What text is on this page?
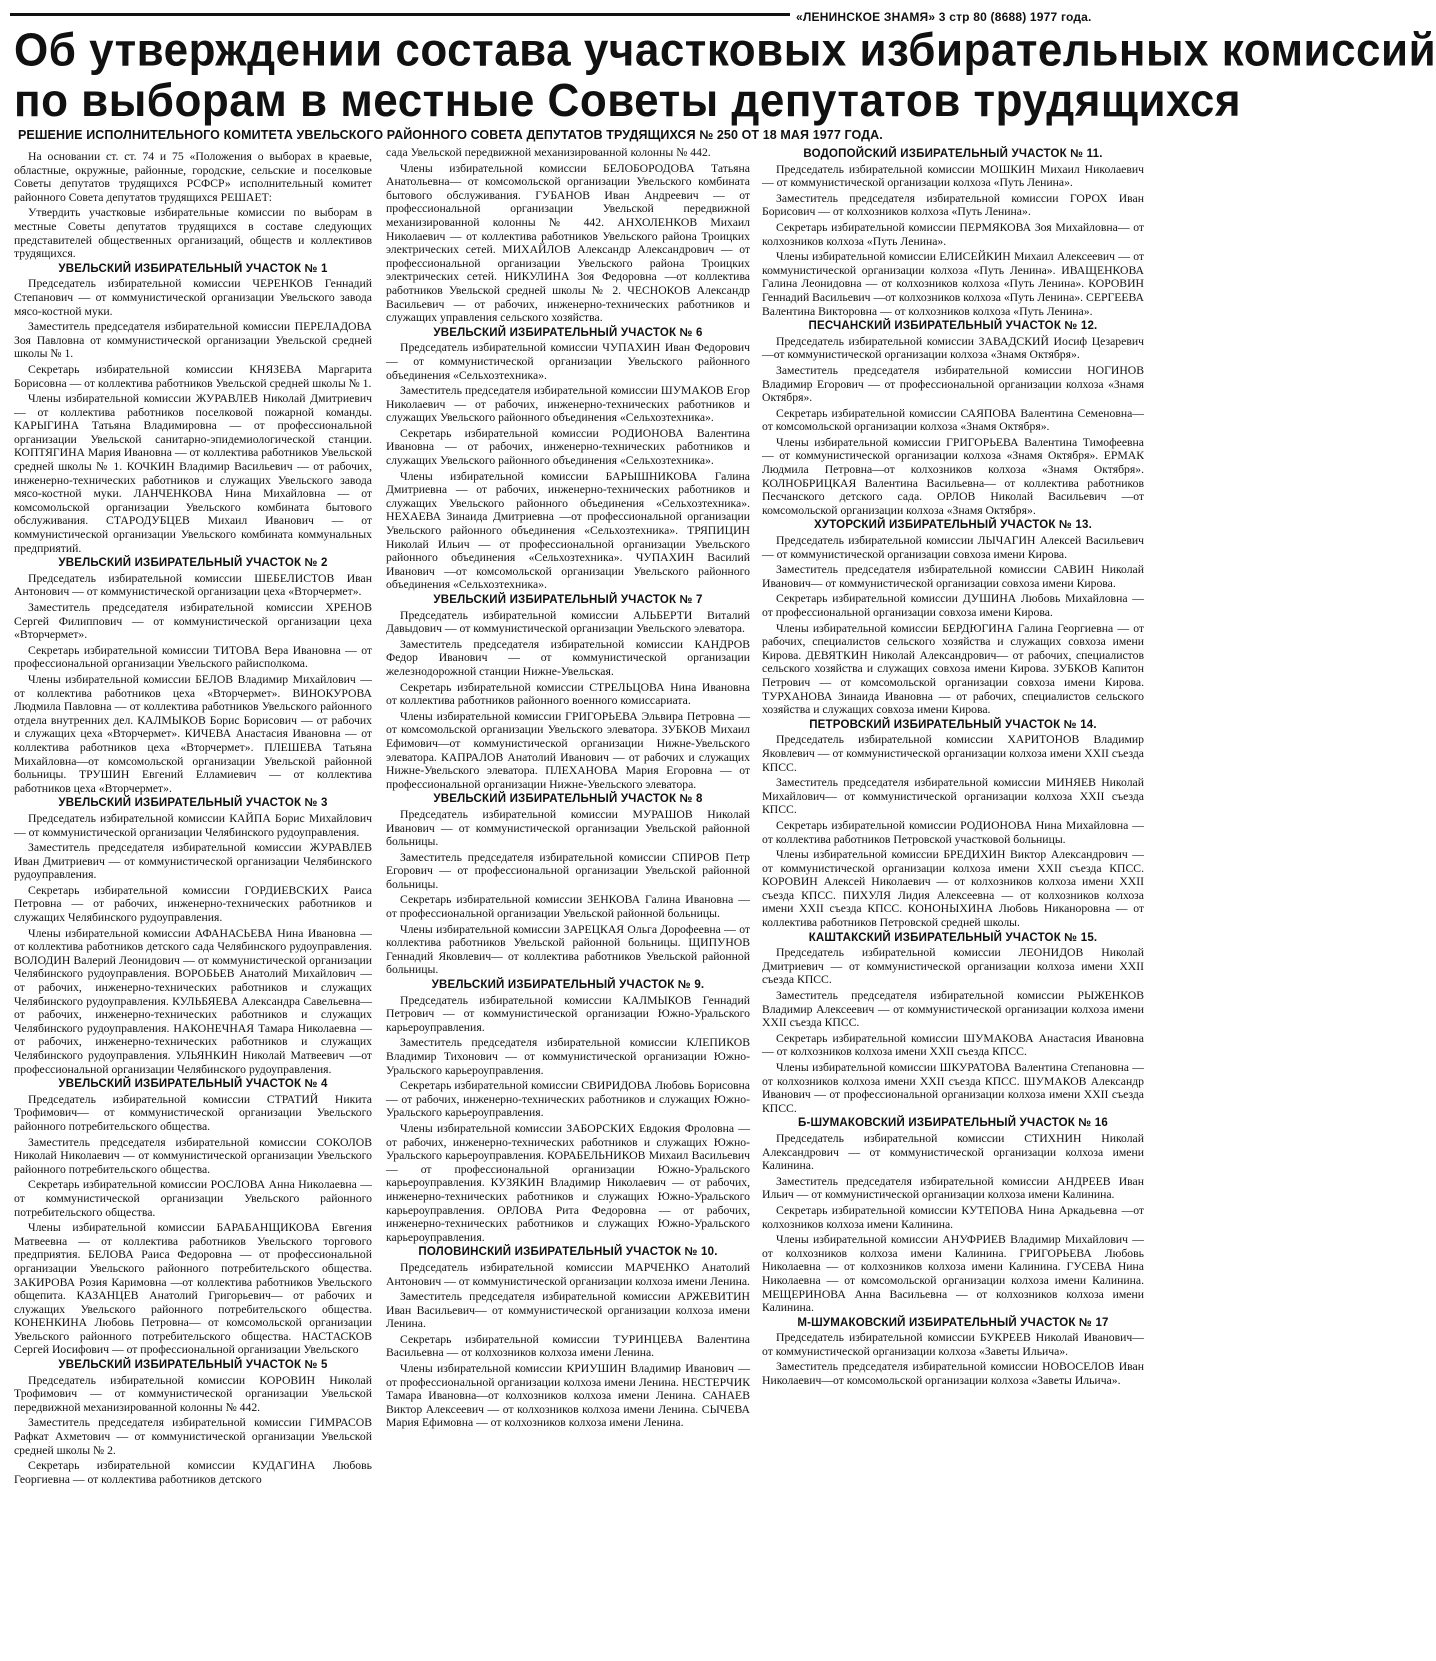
«ЛЕНИНСКОЕ ЗНАМЯ» 3 стр 80 (8688) 1977 года.
Об утверждении состава участковых избирательных комиссий
по выборам в местные Советы депутатов трудящихся
РЕШЕНИЕ ИСПОЛНИТЕЛЬНОГО КОМИТЕТА УВЕЛЬСКОГО РАЙОННОГО СОВЕТА ДЕПУТАТОВ ТРУДЯЩИХСЯ № 250 ОТ 18 МАЯ 1977 ГОДА.

На основании ст. ст. 74 и 75 «Положения о выборах в краевые, областные, окружные, районные, городские, сельские и поселковые Советы депутатов трудящихся РСФСР» исполнительный комитет районного Совета депутатов трудящихся РЕШАЕТ:

Утвердить участковые избирательные комиссии по выборам в местные Советы депутатов трудящихся в составе следующих представителей общественных организаций, обществ и коллективов трудящихся.

УВЕЛЬСКИЙ ИЗБИРАТЕЛЬНЫЙ УЧАСТОК № 1

Председатель избирательной комиссии ЧЕРЕНКОВ Геннадий Степанович — от коммунистической организации Увельского завода мясо-костной муки.

Заместитель председателя избирательной комиссии ПЕРЕЛАДОВА Зоя Павловна от коммунистической организации Увельской средней школы № 1.

Секретарь избирательной комиссии КНЯЗЕВА Маргарита Борисовна — от коллектива работников Увельской средней школы № 1.

Члены избирательной комиссии ЖУРАВЛЕВ Николай Дмитриевич — от коллектива работников поселковой пожарной команды. КАРЫГИНА Татьяна Владимировна — от профессиональной организации Увельской санитарно-эпидемиологической станции. КОПТЯГИНА Мария Ивановна — от коллектива работников Увельской средней школы № 1. КОЧКИН Владимир Васильевич — от рабочих, инженерно-технических работников и служащих Увельского завода мясо-костной муки. ЛАНЧЕНКОВА Нина Михайловна — от комсомольской организации Увельского комбината бытового обслуживания. СТАРОДУБЦЕВ Михаил Иванович — от коммунистической организации Увельского комбината коммунальных предприятий.

УВЕЛЬСКИЙ ИЗБИРАТЕЛЬНЫЙ УЧАСТОК № 2

Председатель избирательной комиссии ШЕБЕЛИСТОВ Иван Антонович — от коммунистической организации цеха «Вторчермет».

Заместитель председателя избирательной комиссии ХРЕНОВ Сергей Филиппович — от коммунистической организации цеха «Вторчермет».

Секретарь избирательной комиссии ТИТОВА Вера Ивановна — от профессиональной организации Увельского райисполкома.

Члены избирательной комиссии БЕЛОВ Владимир Михайлович — от коллектива работников цеха «Вторчермет». ВИНОКУРОВА Людмила Павловна — от коллектива работников Увельского районного отдела внутренних дел. КАЛМЫКОВ Борис Борисович — от рабочих и служащих цеха «Вторчермет». КИЧЕВА Анастасия Ивановна — от коллектива работников цеха «Вторчермет». ПЛЕШЕВА Татьяна Михайловна—от комсомольской организации Увельской районной больницы. ТРУШИН Евгений Елламиевич — от коллектива работников цеха «Вторчермет».

УВЕЛЬСКИЙ ИЗБИРАТЕЛЬНЫЙ УЧАСТОК № 3

Председатель избирательной комиссии КАЙПА Борис Михайлович — от коммунистической организации Челябинского рудоуправления.

Заместитель председателя избирательной комиссии ЖУРАВЛЕВ Иван Дмитриевич — от коммунистической организации Челябинского рудоуправления.

Секретарь избирательной комиссии ГОРДИЕВСКИХ Раиса Петровна — от рабочих, инженерно-технических работников и служащих Челябинского рудоуправления.

Члены избирательной комиссии АФАНАСЬЕВА Нина Ивановна — от коллектива работников детского сада Челябинского рудоуправления. ВОЛОДИН Валерий Леонидович — от коммунистической организации Челябинского рудоуправления. ВОРОБЬЕВ Анатолий Михайлович — от рабочих, инженерно-технических работников и служащих Челябинского рудоуправления. КУЛЬБЯЕВА Александра Савельевна—от рабочих, инженерно-технических работников и служащих Челябинского рудоуправления. НАКОНЕЧНАЯ Тамара Николаевна — от рабочих, инженерно-технических работников и служащих Челябинского рудоуправления. УЛЬЯНКИН Николай Матвеевич —от профессиональной организации Челябинского рудоуправления.

УВЕЛЬСКИЙ ИЗБИРАТЕЛЬНЫЙ УЧАСТОК № 4

Председатель избирательной комиссии СТРАТИЙ Никита Трофимович— от коммунистической организации Увельского районного потребительского общества.

Заместитель председателя избирательной комиссии СОКОЛОВ Николай Николаевич — от коммунистической организации Увельского районного потребительского общества.

Секретарь избирательной комиссии РОСЛОВА Анна Николаевна — от коммунистической организации Увельского районного потребительского общества.

Члены избирательной комиссии БАРАБАНЩИКОВА Евгения Матвеевна — от коллектива работников Увельского торгового предприятия. БЕЛОВА Раиса Федоровна — от профессиональной организации Увельского районного потребительского общества. ЗАКИРОВА Розия Каримовна —от коллектива работников Увельского общепита. КАЗАНЦЕВ Анатолий Григорьевич— от рабочих и служащих Увельского районного потребительского общества. КОНЕНКИНА Любовь Петровна— от комсомольской организации Увельского районного потребительского общества. НАСТАСКОВ Сергей Иосифович — от профессиональной организации Увельского

УВЕЛЬСКИЙ ИЗБИРАТЕЛЬНЫЙ УЧАСТОК № 5

Председатель избирательной комиссии КОРОВИН Николай Трофимович — от коммунистической организации Увельской передвижной механизированной колонны № 442.

Заместитель председателя избирательной комиссии ГИМРАСОВ Рафкат Ахметович — от коммунистической организации Увельской средней школы № 2.

Секретарь избирательной комиссии КУДАГИНА Любовь Георгиевна — от коллектива работников детского

сада Увельской передвижной механизированной колонны № 442.

Члены избирательной комиссии БЕЛОБОРОДОВА Татьяна Анатольевна— от комсомольской организации Увельского комбината бытового обслуживания. ГУБАНОВ Иван Андреевич — от профессиональной организации Увельской передвижной механизированной колонны № 442. АНХОЛЕНКОВ Михаил Николаевич — от коллектива работников Увельского района Троицких электрических сетей. МИХАЙЛОВ Александр Александрович — от профессиональной организации Увельского района Троицких электрических сетей. НИКУЛИНА Зоя Федоровна —от коллектива работников Увельской средней школы № 2. ЧЕСНОКОВ Александр Васильевич — от рабочих, инженерно-технических работников и служащих управления сельского хозяйства.

УВЕЛЬСКИЙ ИЗБИРАТЕЛЬНЫЙ УЧАСТОК № 6

Председатель избирательной комиссии ЧУПАХИН Иван Федорович — от коммунистической организации Увельского районного объединения «Сельхозтехника».

Заместитель председателя избирательной комиссии ШУМАКОВ Егор Николаевич — от рабочих, инженерно-технических работников и служащих Увельского районного объединения «Сельхозтехника».

Секретарь избирательной комиссии РОДИОНОВА Валентина Ивановна — от рабочих, инженерно-технических работников и служащих Увельского районного объединения «Сельхозтехника».

Члены избирательной комиссии БАРЫШНИКОВА Галина Дмитриевна — от рабочих, инженерно-технических работников и служащих Увельского районного объединения «Сельхозтехника». НЕХАЕВА Зинаида Дмитриевна —от профессиональной организации Увельского районного объединения «Сельхозтехника». ТРЯПИЦИН Николай Ильич — от профессиональной организации Увельского районного объединения «Сельхозтехника». ЧУПАХИН Василий Иванович —от комсомольской организации Увельского районного объединения «Сельхозтехника».

УВЕЛЬСКИЙ ИЗБИРАТЕЛЬНЫЙ УЧАСТОК № 7

Председатель избирательной комиссии АЛЬБЕРТИ Виталий Давыдович — от коммунистической организации Увельского элеватора.

Заместитель председателя избирательной комиссии КАНДРОВ Федор Иванович — от коммунистической организации железнодорожной станции Нижне-Увельская.

Секретарь избирательной комиссии СТРЕЛЬЦОВА Нина Ивановна от коллектива работников районного военного комиссариата.

Члены избирательной комиссии ГРИГОРЬЕВА Эльвира Петровна — от комсомольской организации Увельского элеватора. ЗУБКОВ Михаил Ефимович—от коммунистической организации Нижне-Увельского элеватора. КАПРАЛОВ Анатолий Иванович — от рабочих и служащих Нижне-Увельского элеватора. ПЛЕХАНОВА Мария Егоровна — от профессиональной организации Нижне-Увельского элеватора.

УВЕЛЬСКИЙ ИЗБИРАТЕЛЬНЫЙ УЧАСТОК № 8

Председатель избирательной комиссии МУРАШОВ Николай Иванович — от коммунистической организации Увельской районной больницы.

Заместитель председателя избирательной комиссии СПИРОВ Петр Егорович — от профессиональной организации Увельской районной больницы.

Секретарь избирательной комиссии ЗЕНКОВА Галина Ивановна — от профессиональной организации Увельской районной больницы.

Члены избирательной комиссии ЗАРЕЦКАЯ Ольга Дорофеевна — от коллектива работников Увельской районной больницы. ЩИПУНОВ Геннадий Яковлевич— от коллектива работников Увельской районной больницы.

УВЕЛЬСКИЙ ИЗБИРАТЕЛЬНЫЙ УЧАСТОК № 9.

Председатель избирательной комиссии КАЛМЫКОВ Геннадий Петрович — от коммунистической организации Южно-Уральского карьероуправления.

Заместитель председателя избирательной комиссии КЛЕПИКОВ Владимир Тихонович — от коммунистической организации Южно-Уральского карьероуправления.

Секретарь избирательной комиссии СВИРИДОВА Любовь Борисовна — от рабочих, инженерно-технических работников и служащих Южно-Уральского карьероуправления.

Члены избирательной комиссии ЗАБОРСКИХ Евдокия Фроловна — от рабочих, инженерно-технических работников и служащих Южно-Уральского карьероуправления. КОРАБЕЛЬНИКОВ Михаил Васильевич — от профессиональной организации Южно-Уральского карьероуправления. КУЗЯКИН Владимир Николаевич — от рабочих, инженерно-технических работников и служащих Южно-Уральского карьероуправления. ОРЛОВА Рита Федоровна — от рабочих, инженерно-технических работников и служащих Южно-Уральского карьероуправления.

ПОЛОВИНСКИЙ ИЗБИРАТЕЛЬНЫЙ УЧАСТОК № 10.

Председатель избирательной комиссии МАРЧЕНКО Анатолий Антонович — от коммунистической организации колхоза имени Ленина.

Заместитель председателя избирательной комиссии АРЖЕВИТИН Иван Васильевич— от коммунистической организации колхоза имени Ленина.

Секретарь избирательной комиссии ТУРИНЦЕВА Валентина Васильевна — от колхозников колхоза имени Ленина.

Члены избирательной комиссии КРИУШИН Владимир Иванович — от профессиональной организации колхоза имени Ленина. НЕСТЕРЧИК Тамара Ивановна—от колхозников колхоза имени Ленина. САНАЕВ Виктор Алексеевич — от колхозников колхоза имени Ленина. СЫЧЕВА Мария Ефимовна — от колхозников колхоза имени Ленина.

ВОДОПОЙСКИЙ ИЗБИРАТЕЛЬНЫЙ УЧАСТОК № 11.

Председатель избирательной комиссии МОШКИН Михаил Николаевич — от коммунистической организации колхоза «Путь Ленина».

Заместитель председателя избирательной комиссии ГОРОХ Иван Борисович — от колхозников колхоза «Путь Ленина».

Секретарь избирательной комиссии ПЕРМЯКОВА Зоя Михайловна— от колхозников колхоза «Путь Ленина».

Члены избирательной комиссии ЕЛИСЕЙКИН Михаил Алексеевич — от коммунистической организации колхоза «Путь Ленина». ИВАЩЕНКОВА Галина Леонидовна — от колхозников колхоза «Путь Ленина». КОРОВИН Геннадий Васильевич —от колхозников колхоза «Путь Ленина». СЕРГЕЕВА Валентина Викторовна — от колхозников колхоза «Путь Ленина».

ПЕСЧАНСКИЙ ИЗБИРАТЕЛЬНЫЙ УЧАСТОК № 12.

Председатель избирательной комиссии ЗАВАДСКИЙ Иосиф Цезаревич —от коммунистической организации колхоза «Знамя Октября».

Заместитель председателя избирательной комиссии НОГИНОВ Владимир Егорович — от профессиональной организации колхоза «Знамя Октября».

Секретарь избирательной комиссии САЯПОВА Валентина Семеновна— от комсомольской организации колхоза «Знамя Октября».

Члены избирательной комиссии ГРИГОРЬЕВА Валентина Тимофеевна — от коммунистической организации колхоза «Знамя Октября». ЕРМАК Людмила Петровна—от колхозников колхоза «Знамя Октября». КОЛНОБРИЦКАЯ Валентина Васильевна— от коллектива работников Песчанского детского сада. ОРЛОВ Николай Васильевич —от комсомольской организации колхоза «Знамя Октября».

ХУТОРСКИЙ ИЗБИРАТЕЛЬНЫЙ УЧАСТОК № 13.

Председатель избирательной комиссии ЛЫЧАГИН Алексей Васильевич — от коммунистической организации совхоза имени Кирова.

Заместитель председателя избирательной комиссии САВИН Николай Иванович— от коммунистической организации совхоза имени Кирова.

Секретарь избирательной комиссии ДУШИНА Любовь Михайловна — от профессиональной организации совхоза имени Кирова.

Члены избирательной комиссии БЕРДЮГИНА Галина Георгиевна — от рабочих, специалистов сельского хозяйства и служащих совхоза имени Кирова. ДЕВЯТКИН Николай Александрович— от рабочих, специалистов сельского хозяйства и служащих совхоза имени Кирова. ЗУБКОВ Капитон Петрович — от комсомольской организации совхоза имени Кирова. ТУРХАНОВА Зинаида Ивановна — от рабочих, специалистов сельского хозяйства и служащих совхоза имени Кирова.

ПЕТРОВСКИЙ ИЗБИРАТЕЛЬНЫЙ УЧАСТОК № 14.

Председатель избирательной комиссии ХАРИТОНОВ Владимир Яковлевич — от коммунистической организации колхоза имени XXII съезда КПСС.

Заместитель председателя избирательной комиссии МИНЯЕВ Николай Михайлович— от коммунистической организации колхоза XXII съезда КПСС.

Секретарь избирательной комиссии РОДИОНОВА Нина Михайловна — от коллектива работников Петровской участковой больницы.

Члены избирательной комиссии БРЕДИХИН Виктор Александрович — от коммунистической организации колхоза имени XXII съезда КПСС. КОРОВИН Алексей Николаевич — от колхозников колхоза имени XXII съезда КПСС. ПИХУЛЯ Лидия Алексеевна — от колхозников колхоза имени XXII съезда КПСС. КОНОНЫХИНА Любовь Никаноровна — от коллектива работников Петровской средней школы.

КАШТАКСКИЙ ИЗБИРАТЕЛЬНЫЙ УЧАСТОК № 15.

Председатель избирательной комиссии ЛЕОНИДОВ Николай Дмитриевич — от коммунистической организации колхоза имени XXII съезда КПСС.

Заместитель председателя избирательной комиссии РЫЖЕНКОВ Владимир Алексеевич — от коммунистической организации колхоза имени XXII съезда КПСС.

Секретарь избирательной комиссии ШУМАКОВА Анастасия Ивановна — от колхозников колхоза имени XXII съезда КПСС.

Члены избирательной комиссии ШКУРАТОВА Валентина Степановна —от колхозников колхоза имени XXII съезда КПСС. ШУМАКОВ Александр Иванович — от профессиональной организации колхоза имени XXII съезда КПСС.

Б-ШУМАКОВСКИЙ ИЗБИРАТЕЛЬНЫЙ УЧАСТОК № 16

Председатель избирательной комиссии СТИХНИН Николай Александрович — от коммунистической организации колхоза имени Калинина.

Заместитель председателя избирательной комиссии АНДРЕЕВ Иван Ильич — от коммунистической организации колхоза имени Калинина.

Секретарь избирательной комиссии КУТЕПОВА Нина Аркадьевна —от колхозников колхоза имени Калинина.

Члены избирательной комиссии АНУФРИЕВ Владимир Михайлович — от колхозников колхоза имени Калинина. ГРИГОРЬЕВА Любовь Николаевна — от колхозников колхоза имени Калинина. ГУСЕВА Нина Николаевна — от комсомольской организации колхоза имени Калинина. МЕЩЕРИНОВА Анна Васильевна — от колхозников колхоза имени Калинина.

М-ШУМАКОВСКИЙ ИЗБИРАТЕЛЬНЫЙ УЧАСТОК № 17

Председатель избирательной комиссии БУКРЕЕВ Николай Иванович— от коммунистической организации колхоза «Заветы Ильича».

Заместитель председателя избирательной комиссии НОВОСЕЛОВ Иван Николаевич—от комсомольской организации колхоза «Заветы Ильича».
